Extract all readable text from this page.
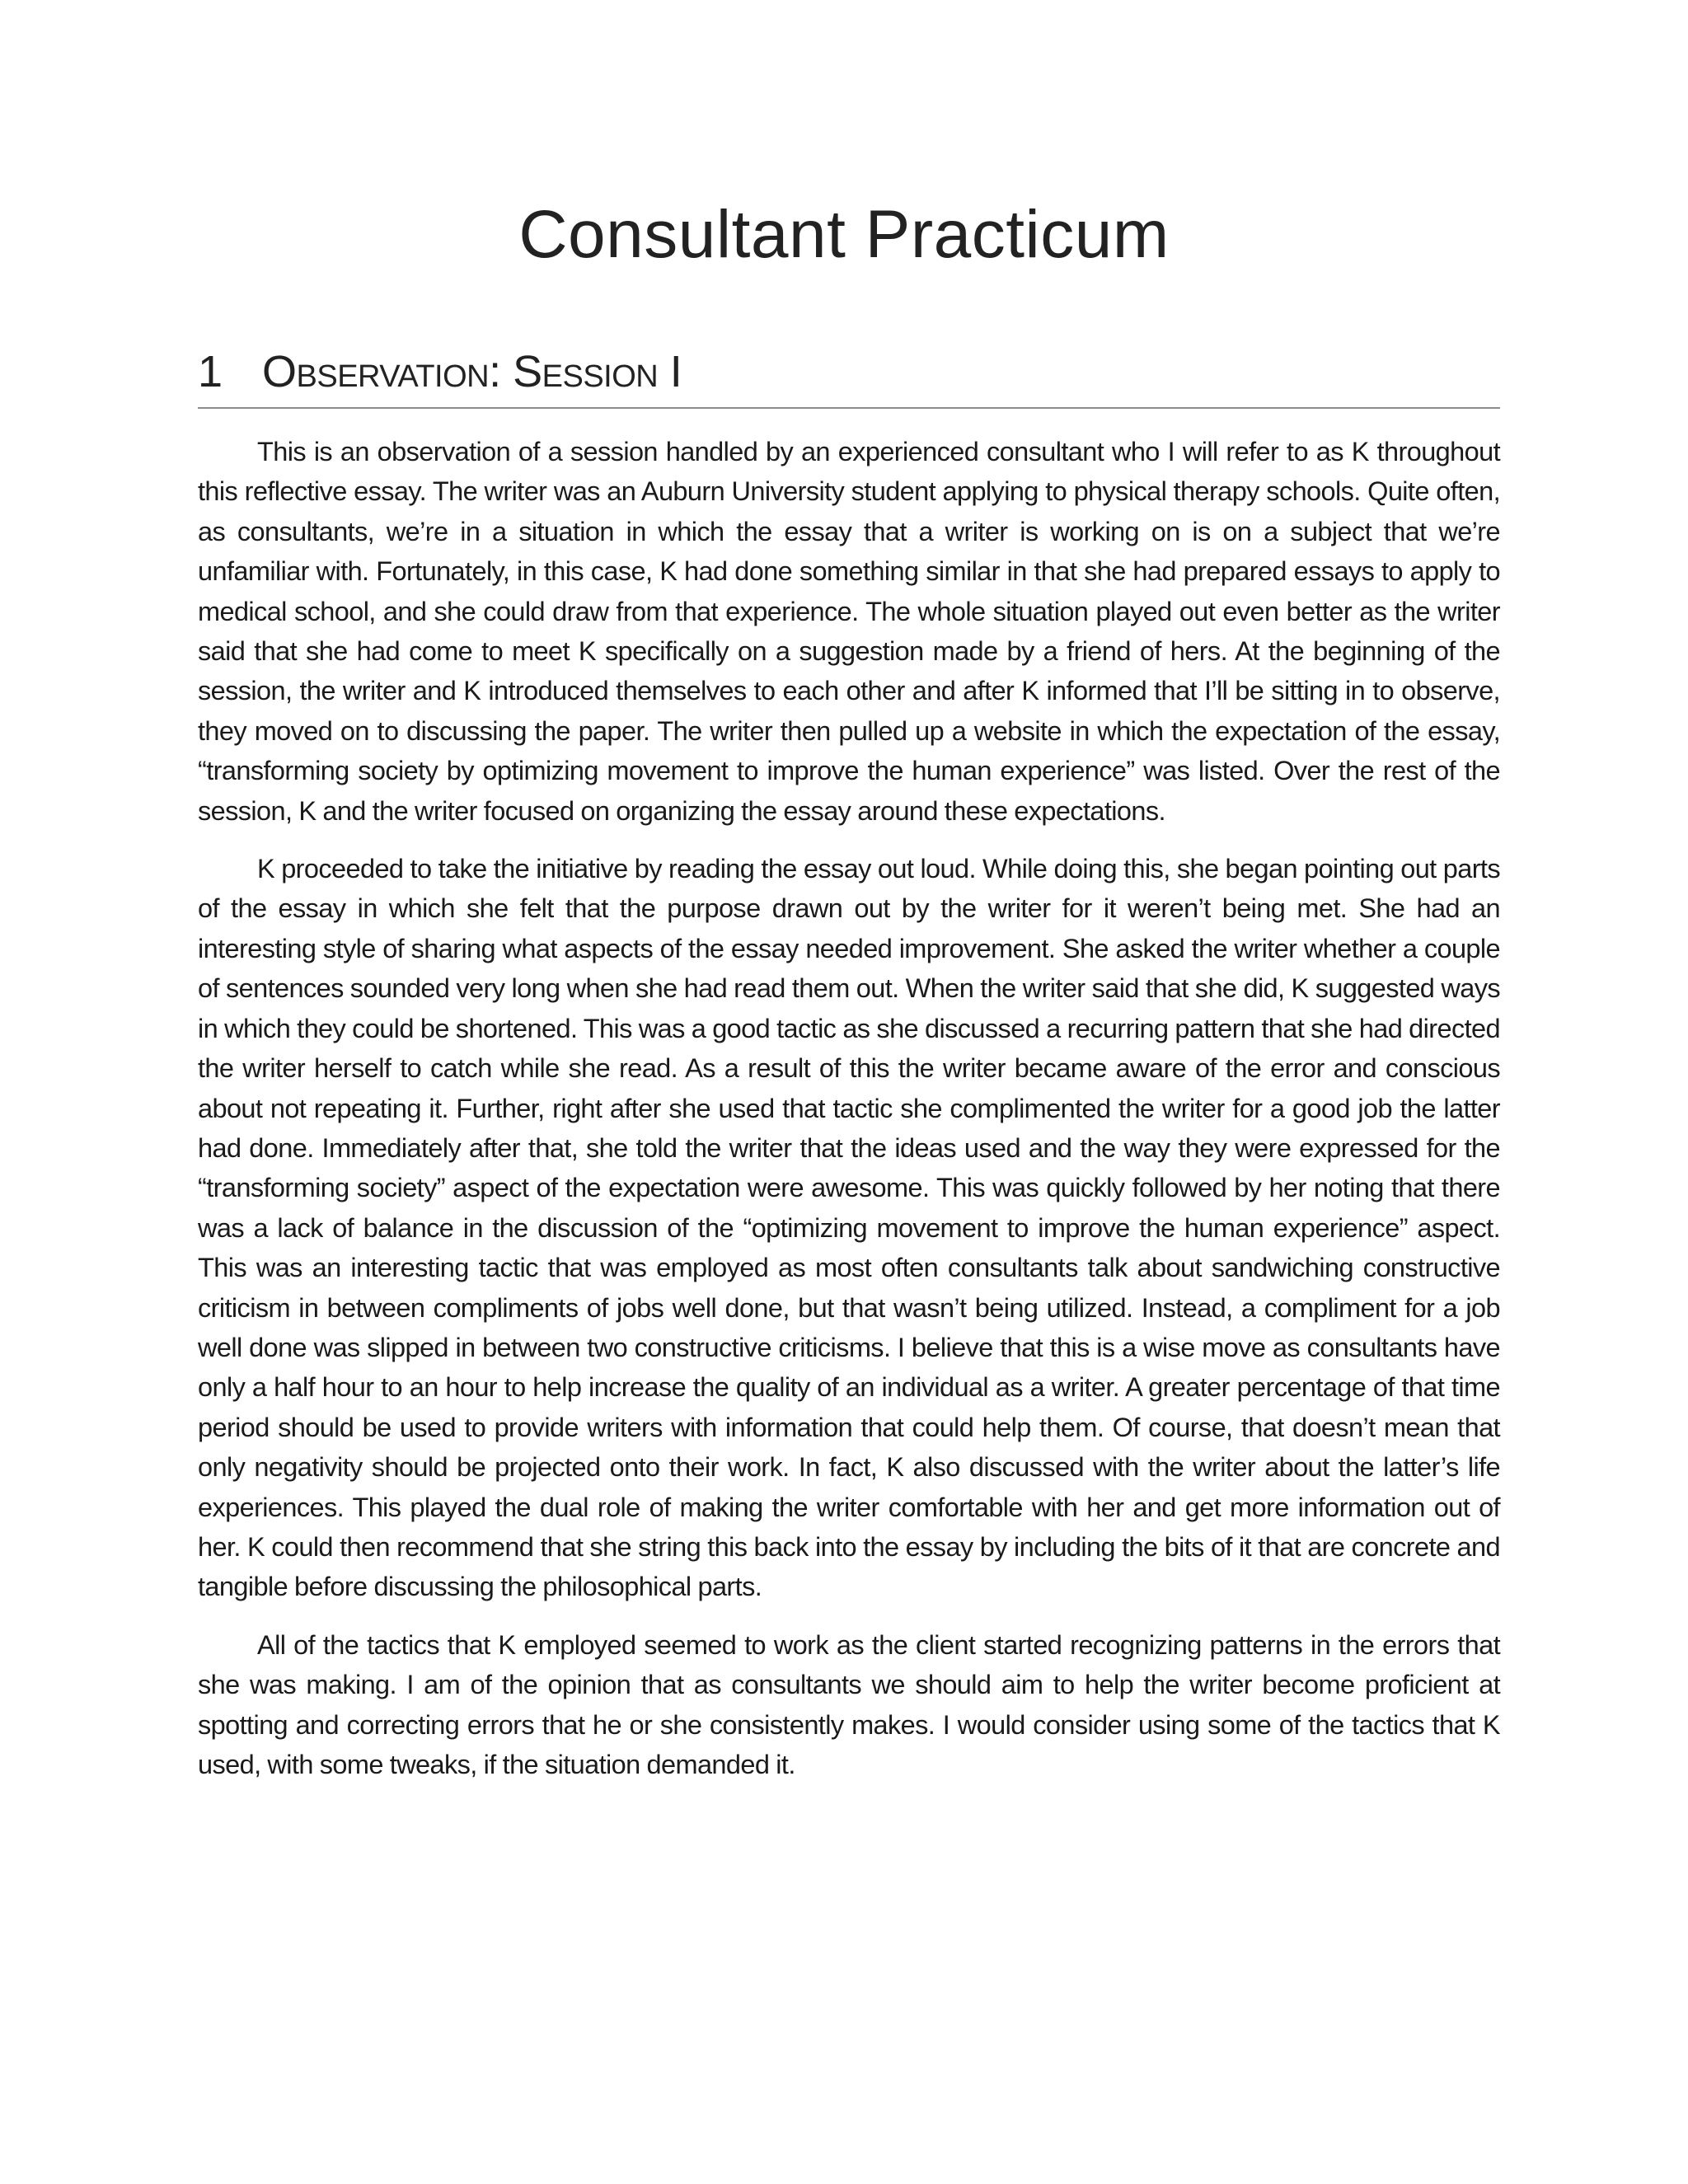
Consultant Practicum
1 Observation: Session I

This is an observation of a session handled by an experienced consultant who I will refer to as K throughout this reflective essay. The writer was an Auburn University student applying to physical therapy schools. Quite often, as consultants, we’re in a situation in which the essay that a writer is working on is on a subject that we’re unfamiliar with. Fortunately, in this case, K had done something similar in that she had prepared essays to apply to medical school, and she could draw from that experience. The whole situation played out even better as the writer said that she had come to meet K specifically on a suggestion made by a friend of hers. At the beginning of the session, the writer and K introduced themselves to each other and after K informed that I’ll be sitting in to observe, they moved on to discussing the paper. The writer then pulled up a website in which the expectation of the essay, “transforming society by optimizing movement to improve the human experience” was listed. Over the rest of the session, K and the writer focused on organizing the essay around these expectations.

K proceeded to take the initiative by reading the essay out loud. While doing this, she began pointing out parts of the essay in which she felt that the purpose drawn out by the writer for it weren’t being met. She had an interesting style of sharing what aspects of the essay needed improvement. She asked the writer whether a couple of sentences sounded very long when she had read them out. When the writer said that she did, K suggested ways in which they could be shortened. This was a good tactic as she discussed a recurring pattern that she had directed the writer herself to catch while she read. As a result of this the writer became aware of the error and conscious about not repeating it. Further, right after she used that tactic she complimented the writer for a good job the latter had done. Immediately after that, she told the writer that the ideas used and the way they were expressed for the “transforming society” aspect of the expectation were awesome. This was quickly followed by her noting that there was a lack of balance in the discussion of the “optimizing movement to improve the human experience” aspect. This was an interesting tactic that was employed as most often consultants talk about sandwiching constructive criticism in between compliments of jobs well done, but that wasn’t being utilized. Instead, a compliment for a job well done was slipped in between two constructive criticisms. I believe that this is a wise move as consultants have only a half hour to an hour to help increase the quality of an individual as a writer. A greater percentage of that time period should be used to provide writers with information that could help them. Of course, that doesn’t mean that only negativity should be projected onto their work. In fact, K also discussed with the writer about the latter’s life experiences. This played the dual role of making the writer comfortable with her and get more information out of her. K could then recommend that she string this back into the essay by including the bits of it that are concrete and tangible before discussing the philosophical parts.

All of the tactics that K employed seemed to work as the client started recognizing patterns in the errors that she was making. I am of the opinion that as consultants we should aim to help the writer become proficient at spotting and correcting errors that he or she consistently makes. I would consider using some of the tactics that K used, with some tweaks, if the situation demanded it.
